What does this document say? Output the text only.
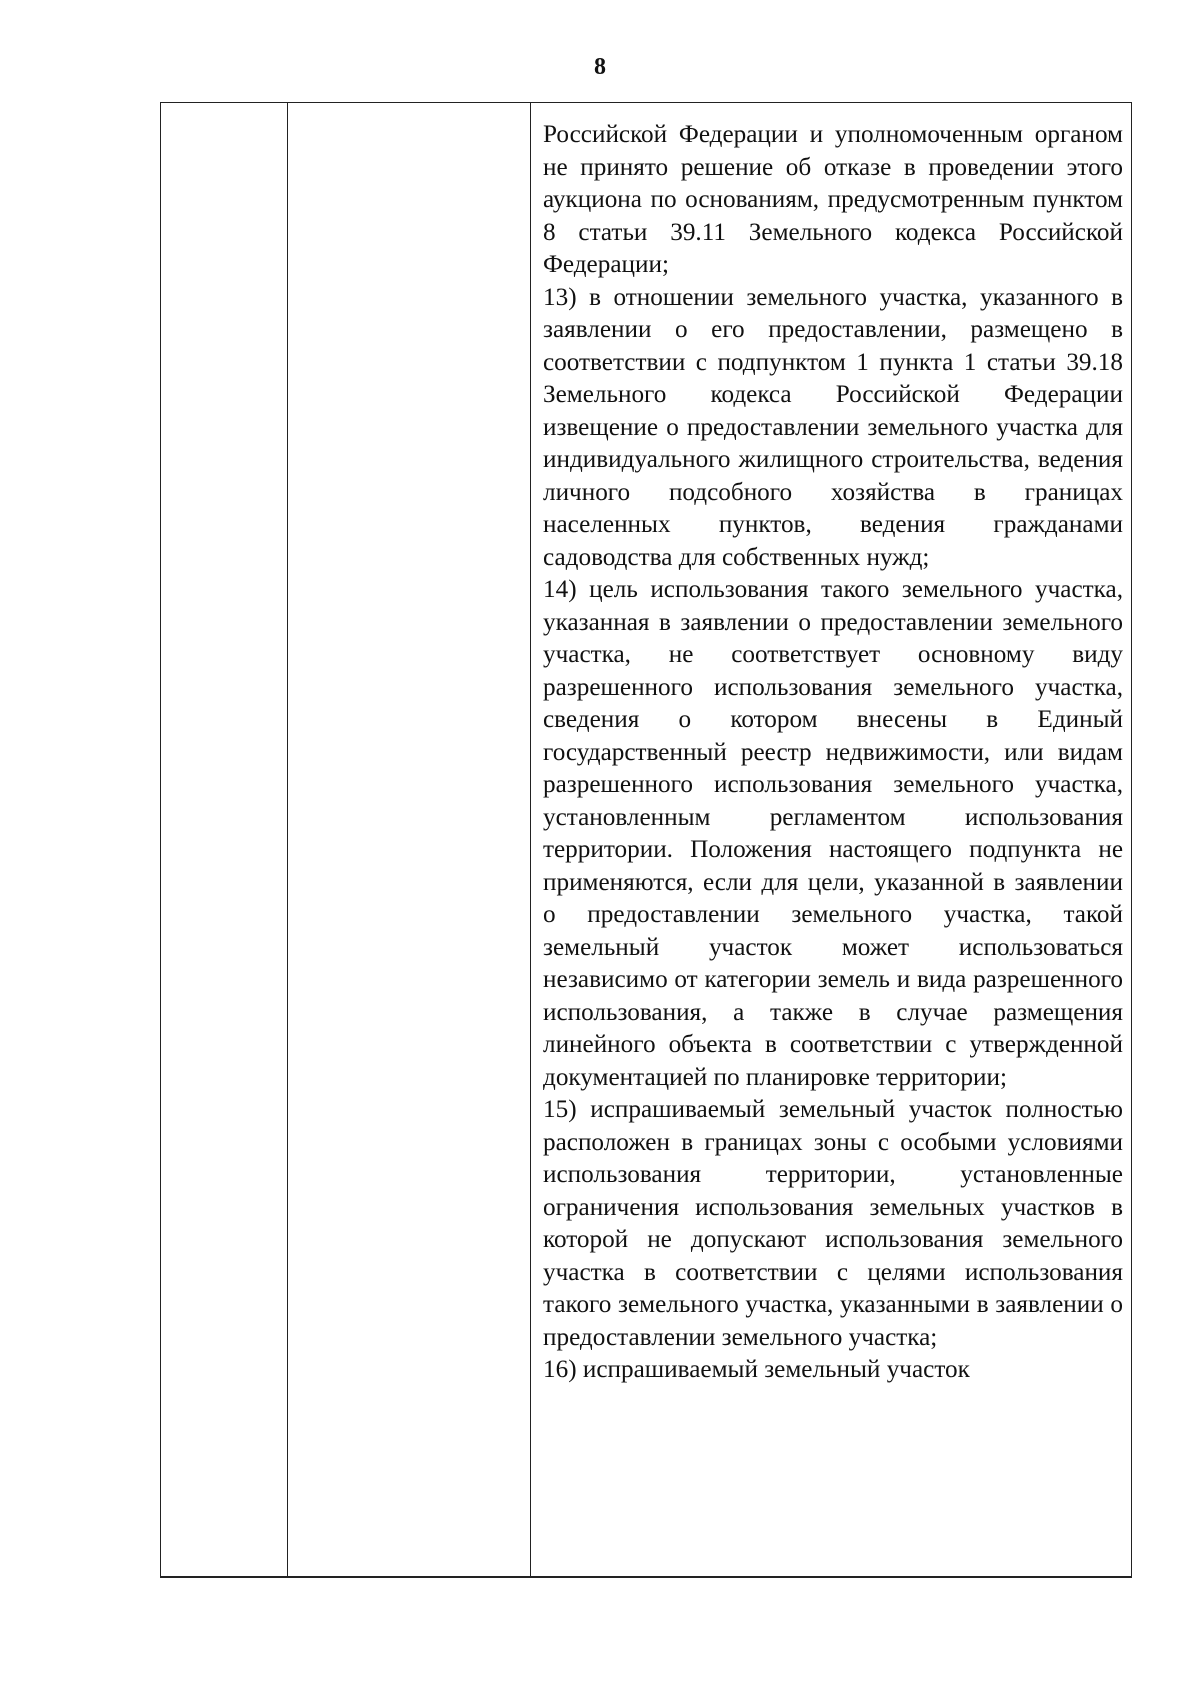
8

Российской Федерации и уполномоченным органом не принято решение об отказе в проведении этого аукциона по основаниям, предусмотренным пунктом 8 статьи 39.11 Земельного кодекса Российской Федерации;

13) в отношении земельного участка, указанного в заявлении о его предоставлении, размещено в соответствии с подпунктом 1 пункта 1 статьи 39.18 Земельного кодекса Российской Федерации извещение о предоставлении земельного участка для индивидуального жилищного строительства, ведения личного подсобного хозяйства в границах населенных пунктов, ведения гражданами садоводства для собственных нужд;

14) цель использования такого земельного участка, указанная в заявлении о предоставлении земельного участка, не соответствует основному виду разрешенного использования земельного участка, сведения о котором внесены в Единый государственный реестр недвижимости, или видам разрешенного использования земельного участка, установленным регламентом использования территории. Положения настоящего подпункта не применяются, если для цели, указанной в заявлении о предоставлении земельного участка, такой земельный участок может использоваться независимо от категории земель и вида разрешенного использования, а также в случае размещения линейного объекта в соответствии с утвержденной документацией по планировке территории;

15) испрашиваемый земельный участок полностью расположен в границах зоны с особыми условиями использования территории, установленные ограничения использования земельных участков в которой не допускают использования земельного участка в соответствии с целями использования такого земельного участка, указанными в заявлении о предоставлении земельного участка;

16) испрашиваемый земельный участок
